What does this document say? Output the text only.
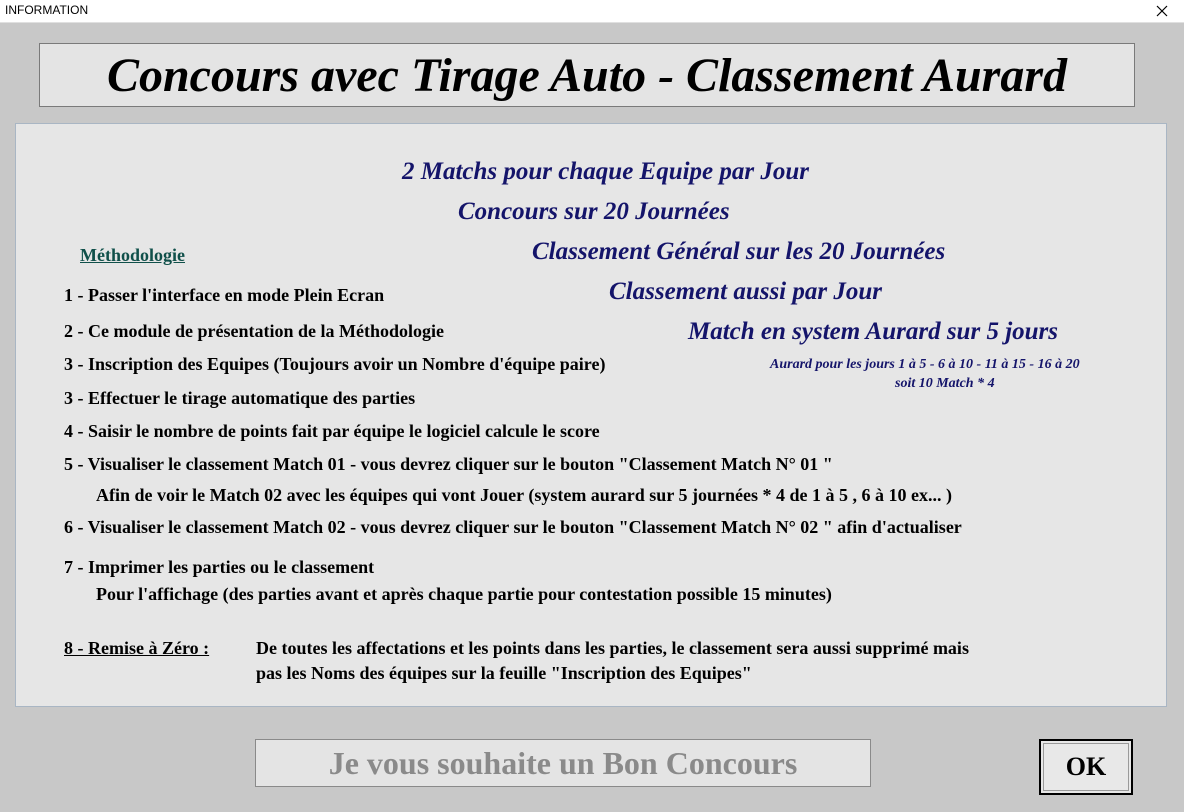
INFORMATION
Concours avec Tirage Auto - Classement Aurard
2 Matchs pour chaque Equipe par Jour
Concours sur 20 Journées
Classement Général sur les 20 Journées
Classement aussi par Jour
Match en system Aurard sur 5 jours
Aurard pour les jours 1 à 5 - 6 à 10 - 11 à 15 - 16 à 20
soit 10 Match * 4
Méthodologie
1 - Passer l'interface en mode Plein Ecran
2 - Ce module de présentation de la Méthodologie
3 - Inscription des Equipes (Toujours avoir un Nombre d'équipe paire)
3 - Effectuer le tirage automatique des parties
4 - Saisir le nombre de points fait par équipe le logiciel calcule le score
5 - Visualiser le classement Match 01 - vous devrez cliquer sur le bouton "Classement Match N° 01 "
Afin de voir le Match 02 avec les équipes qui vont Jouer (system aurard sur 5 journées * 4 de 1 à 5 , 6 à 10 ex... )
6 - Visualiser le classement Match 02 - vous devrez cliquer sur le bouton "Classement Match N° 02 " afin d'actualiser
7 - Imprimer les parties ou le classement
Pour l'affichage (des parties avant et après chaque partie pour contestation possible 15 minutes)
8 - Remise à Zéro :	De toutes les affectations et les points dans les parties, le classement sera aussi supprimé mais
pas les Noms des équipes sur la feuille "Inscription des Equipes"
Je vous souhaite un Bon Concours	OK
